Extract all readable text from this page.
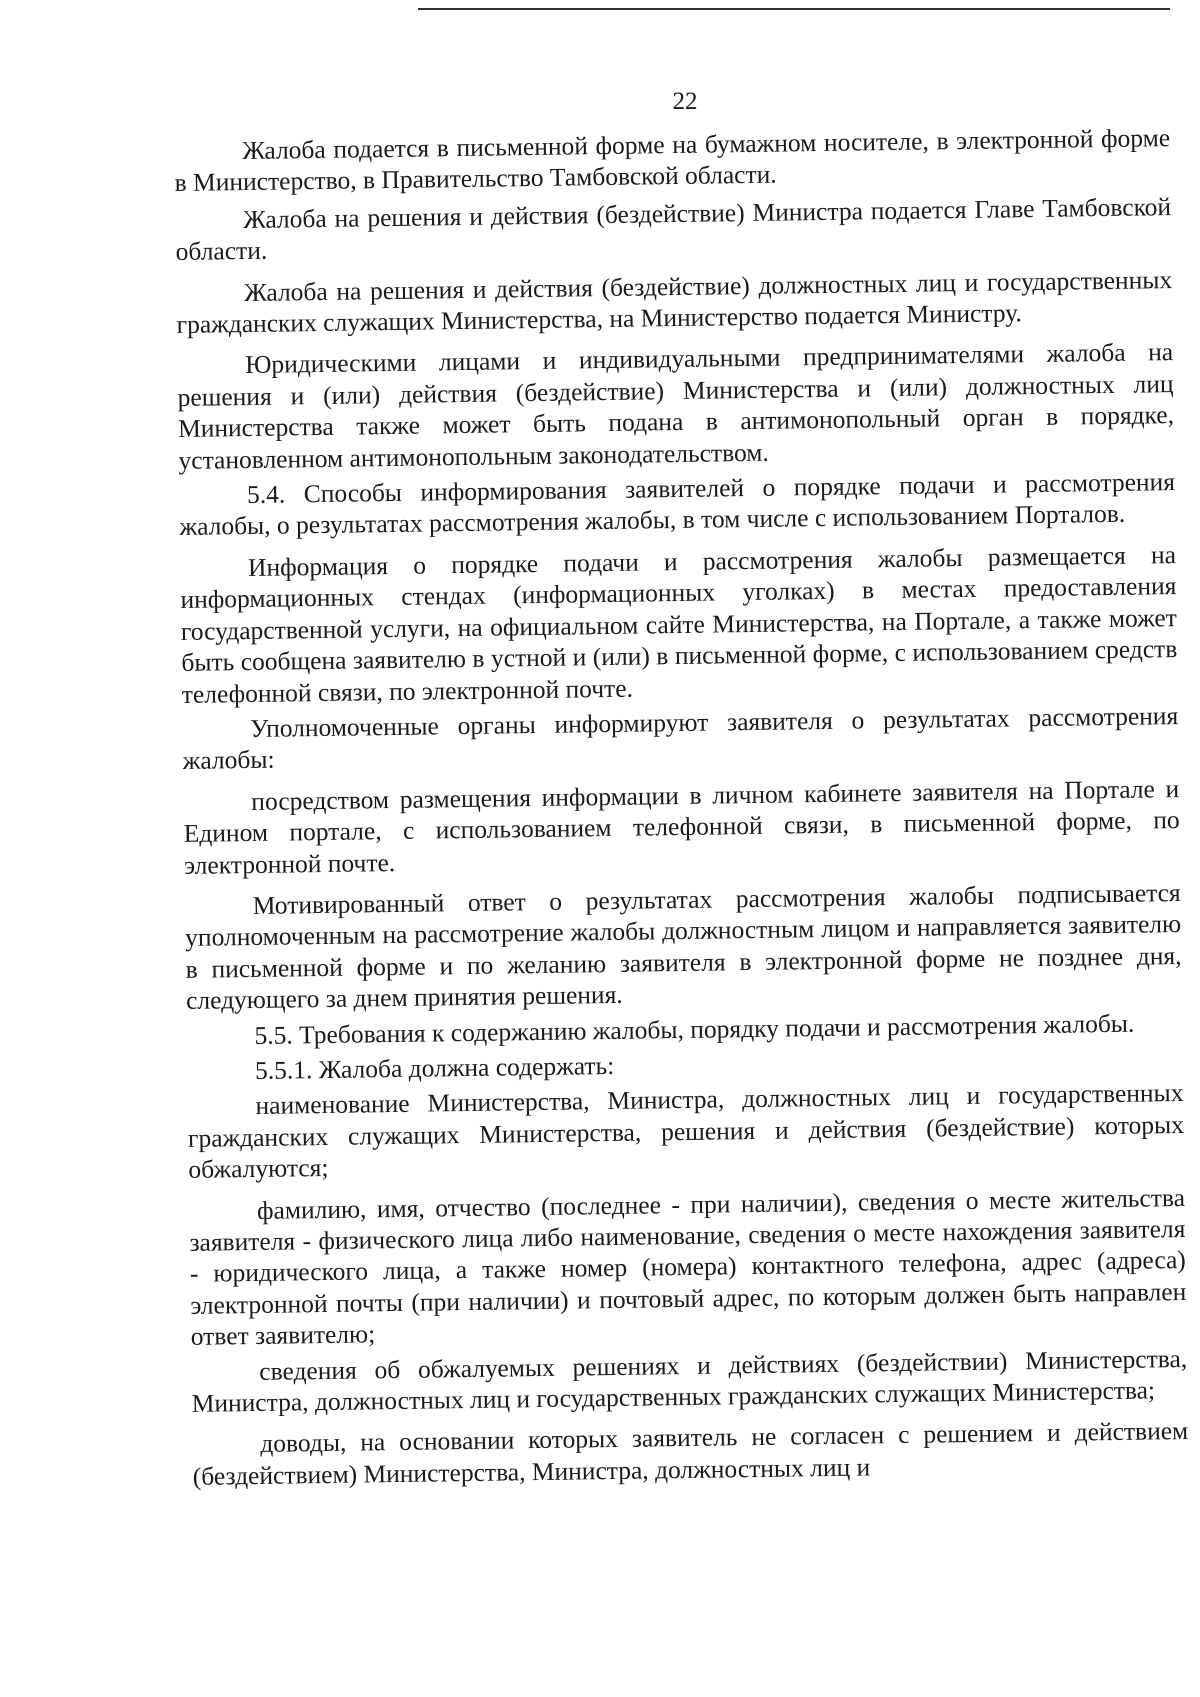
22

Жалоба подается в письменной форме на бумажном носителе, в электронной форме в Министерство, в Правительство Тамбовской области.

Жалоба на решения и действия (бездействие) Министра подается Главе Тамбовской области.

Жалоба на решения и действия (бездействие) должностных лиц и государственных гражданских служащих Министерства, на Министерство подается Министру.

Юридическими лицами и индивидуальными предпринимателями жалоба на решения и (или) действия (бездействие) Министерства и (или) должностных лиц Министерства также может быть подана в антимонопольный орган в порядке, установленном антимонопольным законодательством.

5.4. Способы информирования заявителей о порядке подачи и рассмотрения жалобы, о результатах рассмотрения жалобы, в том числе с использованием Порталов.

Информация о порядке подачи и рассмотрения жалобы размещается на информационных стендах (информационных уголках) в местах предоставления государственной услуги, на официальном сайте Министерства, на Портале, а также может быть сообщена заявителю в устной и (или) в письменной форме, с использованием средств телефонной связи, по электронной почте.

Уполномоченные органы информируют заявителя о результатах рассмотрения жалобы:

посредством размещения информации в личном кабинете заявителя на Портале и Едином портале, с использованием телефонной связи, в письменной форме, по электронной почте.

Мотивированный ответ о результатах рассмотрения жалобы подписывается уполномоченным на рассмотрение жалобы должностным лицом и направляется заявителю в письменной форме и по желанию заявителя в электронной форме не позднее дня, следующего за днем принятия решения.

5.5. Требования к содержанию жалобы, порядку подачи и рассмотрения жалобы.

5.5.1. Жалоба должна содержать:

наименование Министерства, Министра, должностных лиц и государственных гражданских служащих Министерства, решения и действия (бездействие) которых обжалуются;

фамилию, имя, отчество (последнее - при наличии), сведения о месте жительства заявителя - физического лица либо наименование, сведения о месте нахождения заявителя - юридического лица, а также номер (номера) контактного телефона, адрес (адреса) электронной почты (при наличии) и почтовый адрес, по которым должен быть направлен ответ заявителю;

сведения об обжалуемых решениях и действиях (бездействии) Министерства, Министра, должностных лиц и государственных гражданских служащих Министерства;

доводы, на основании которых заявитель не согласен с решением и действием (бездействием) Министерства, Министра, должностных лиц и
